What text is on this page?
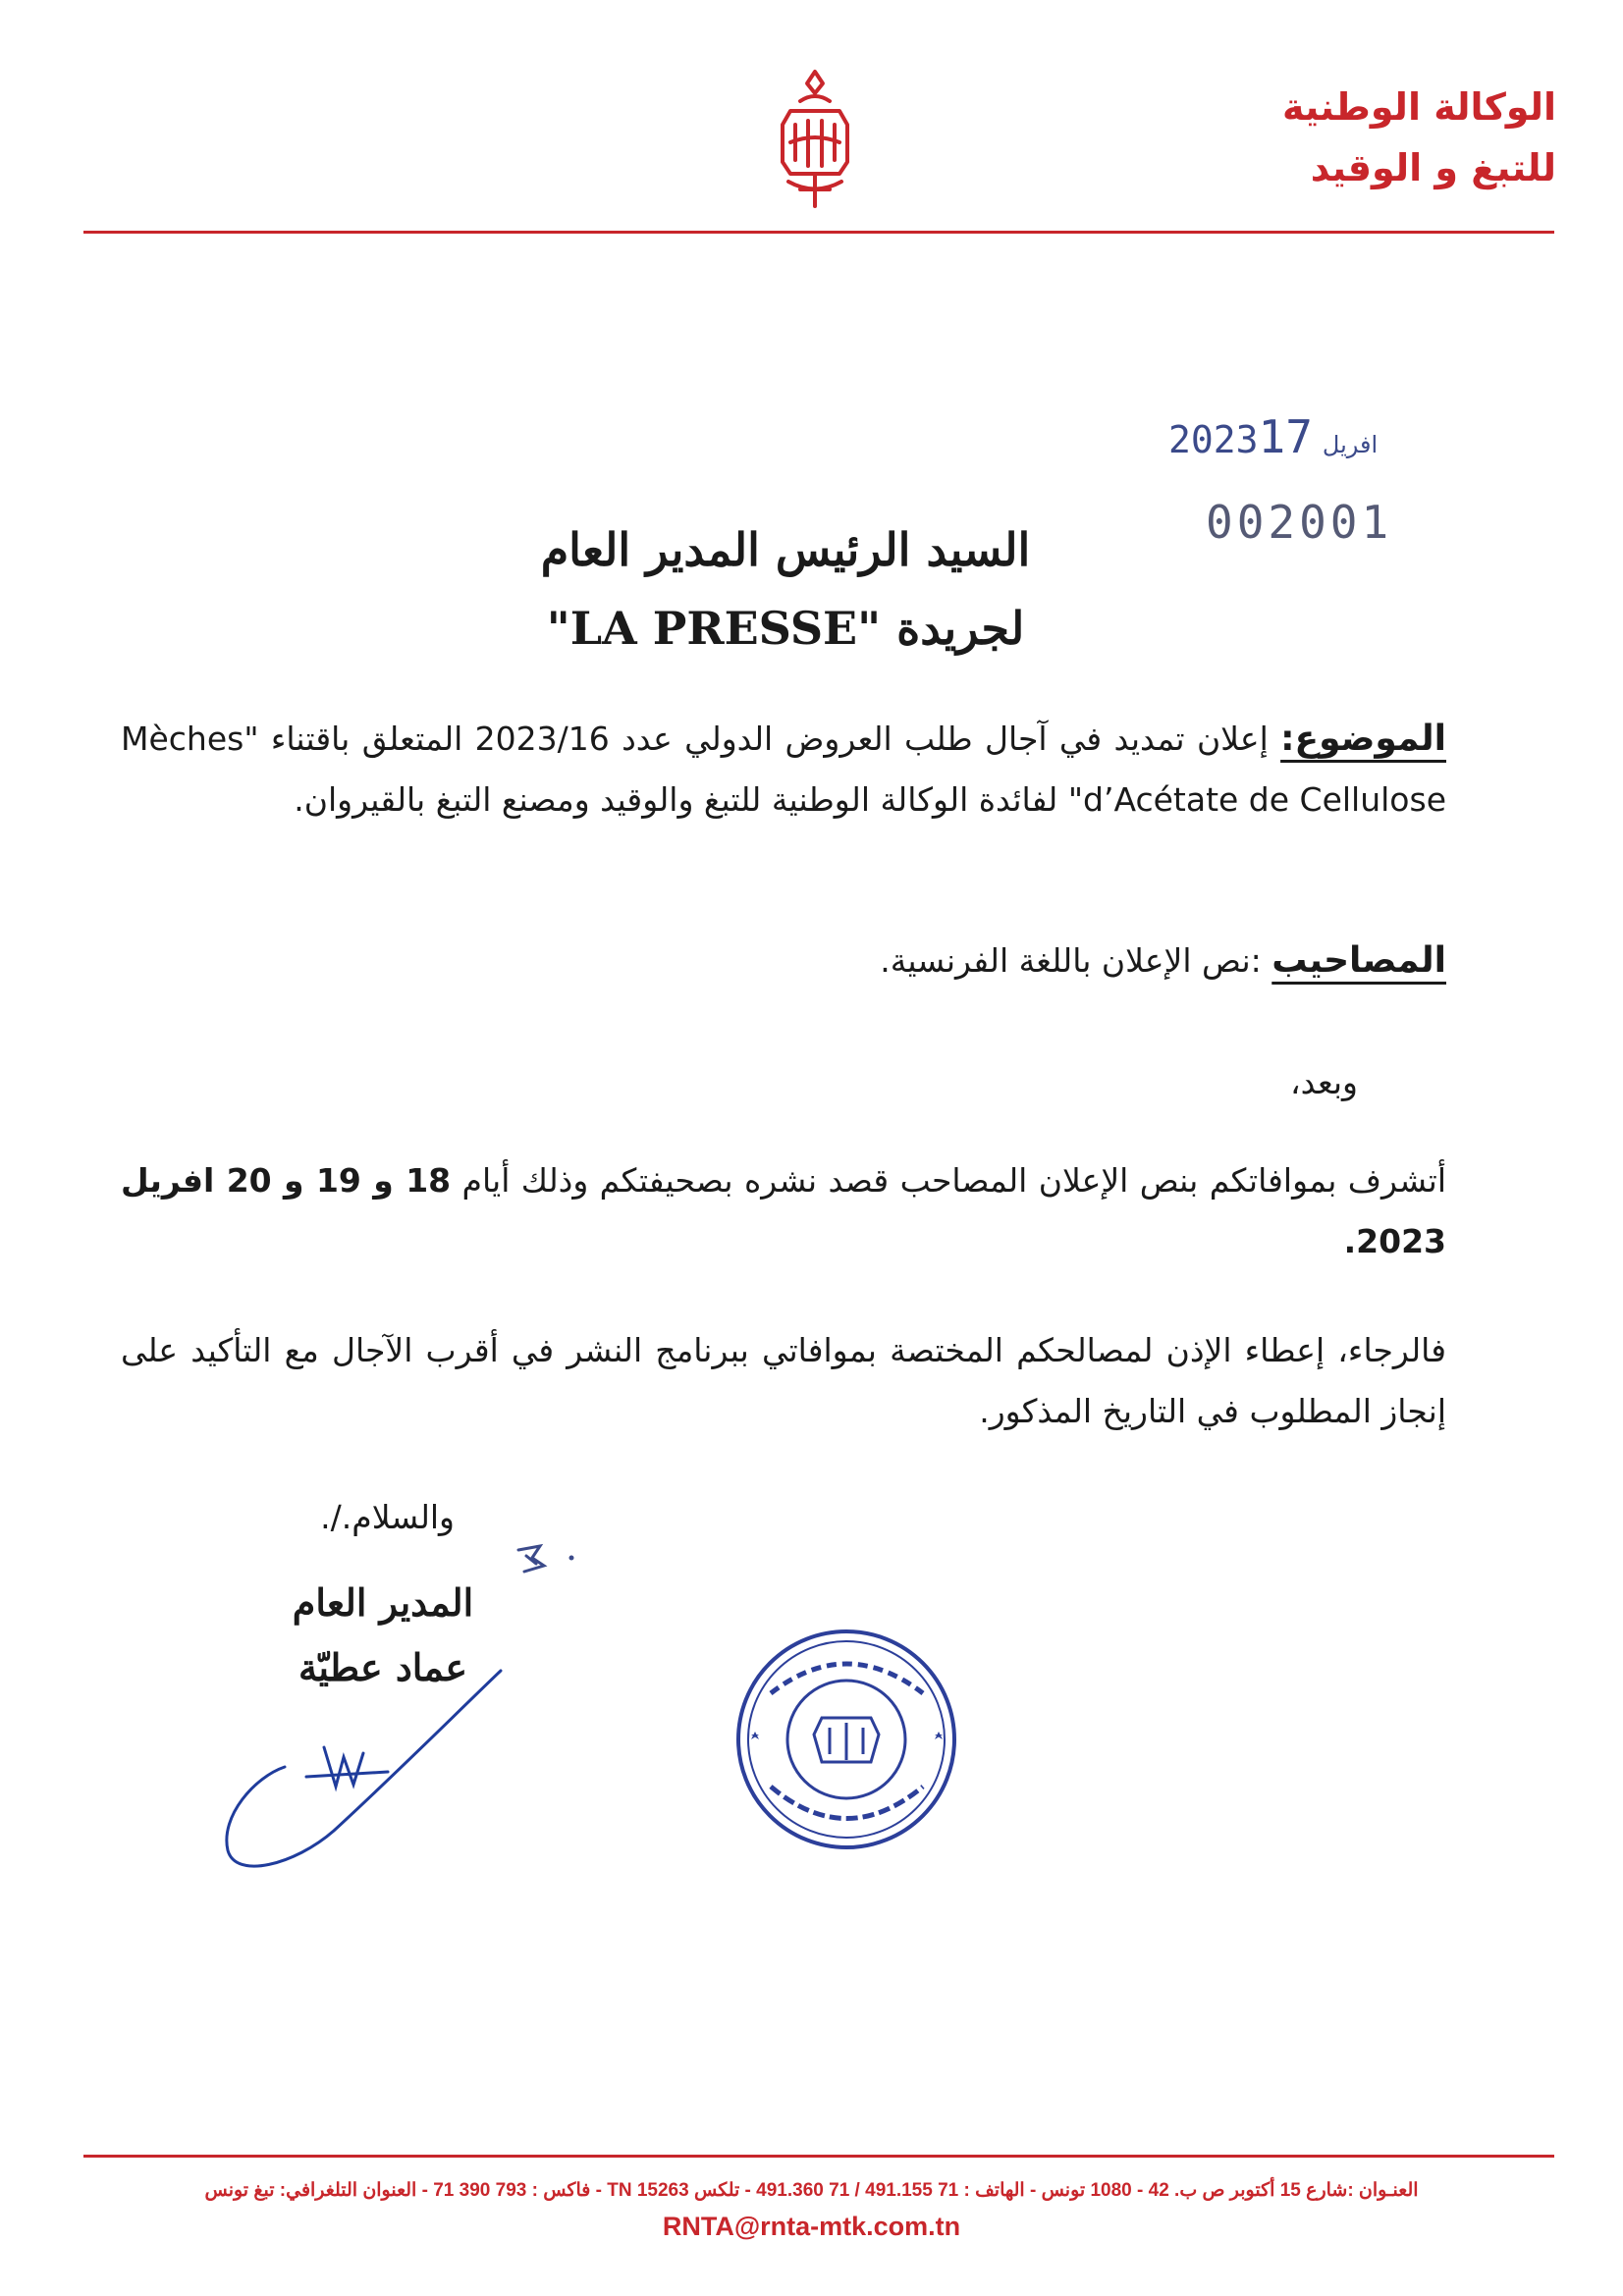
الوكالة الوطنية
للتبغ و الوقيد
2023	افريل17
002001
السيد الرئيس المدير العام
لجريدة "LA PRESSE"
الموضوع: إعلان تمديد في آجال طلب العروض الدولي عدد 2023/16 المتعلق باقتناء "Mèches d’Acétate de Cellulose" لفائدة الوكالة الوطنية للتبغ والوقيد ومصنع التبغ بالقيروان.
المصاحيب :نص الإعلان باللغة الفرنسية.
وبعد،
أتشرف بموافاتكم بنص الإعلان المصاحب قصد نشره بصحيفتكم وذلك أيام 18 و 19 و 20 افريل 2023.
فالرجاء، إعطاء الإذن لمصالحكم المختصة بموافاتي ببرنامج النشر في أقرب الآجال مع التأكيد على إنجاز المطلوب في التاريخ المذكور.
والسلام./.
المدير العام
عماد عطيّة
العنـوان :شارع 15 أكتوبر ص ب. 42 - 1080 تونس - الهاتف : 71 491.155 / 71 491.360 - تلكس TN 15263 - فاكس : 793 390 71 - العنوان التلغرافي: تبغ تونس
RNTA@rnta-mtk.com.tn
